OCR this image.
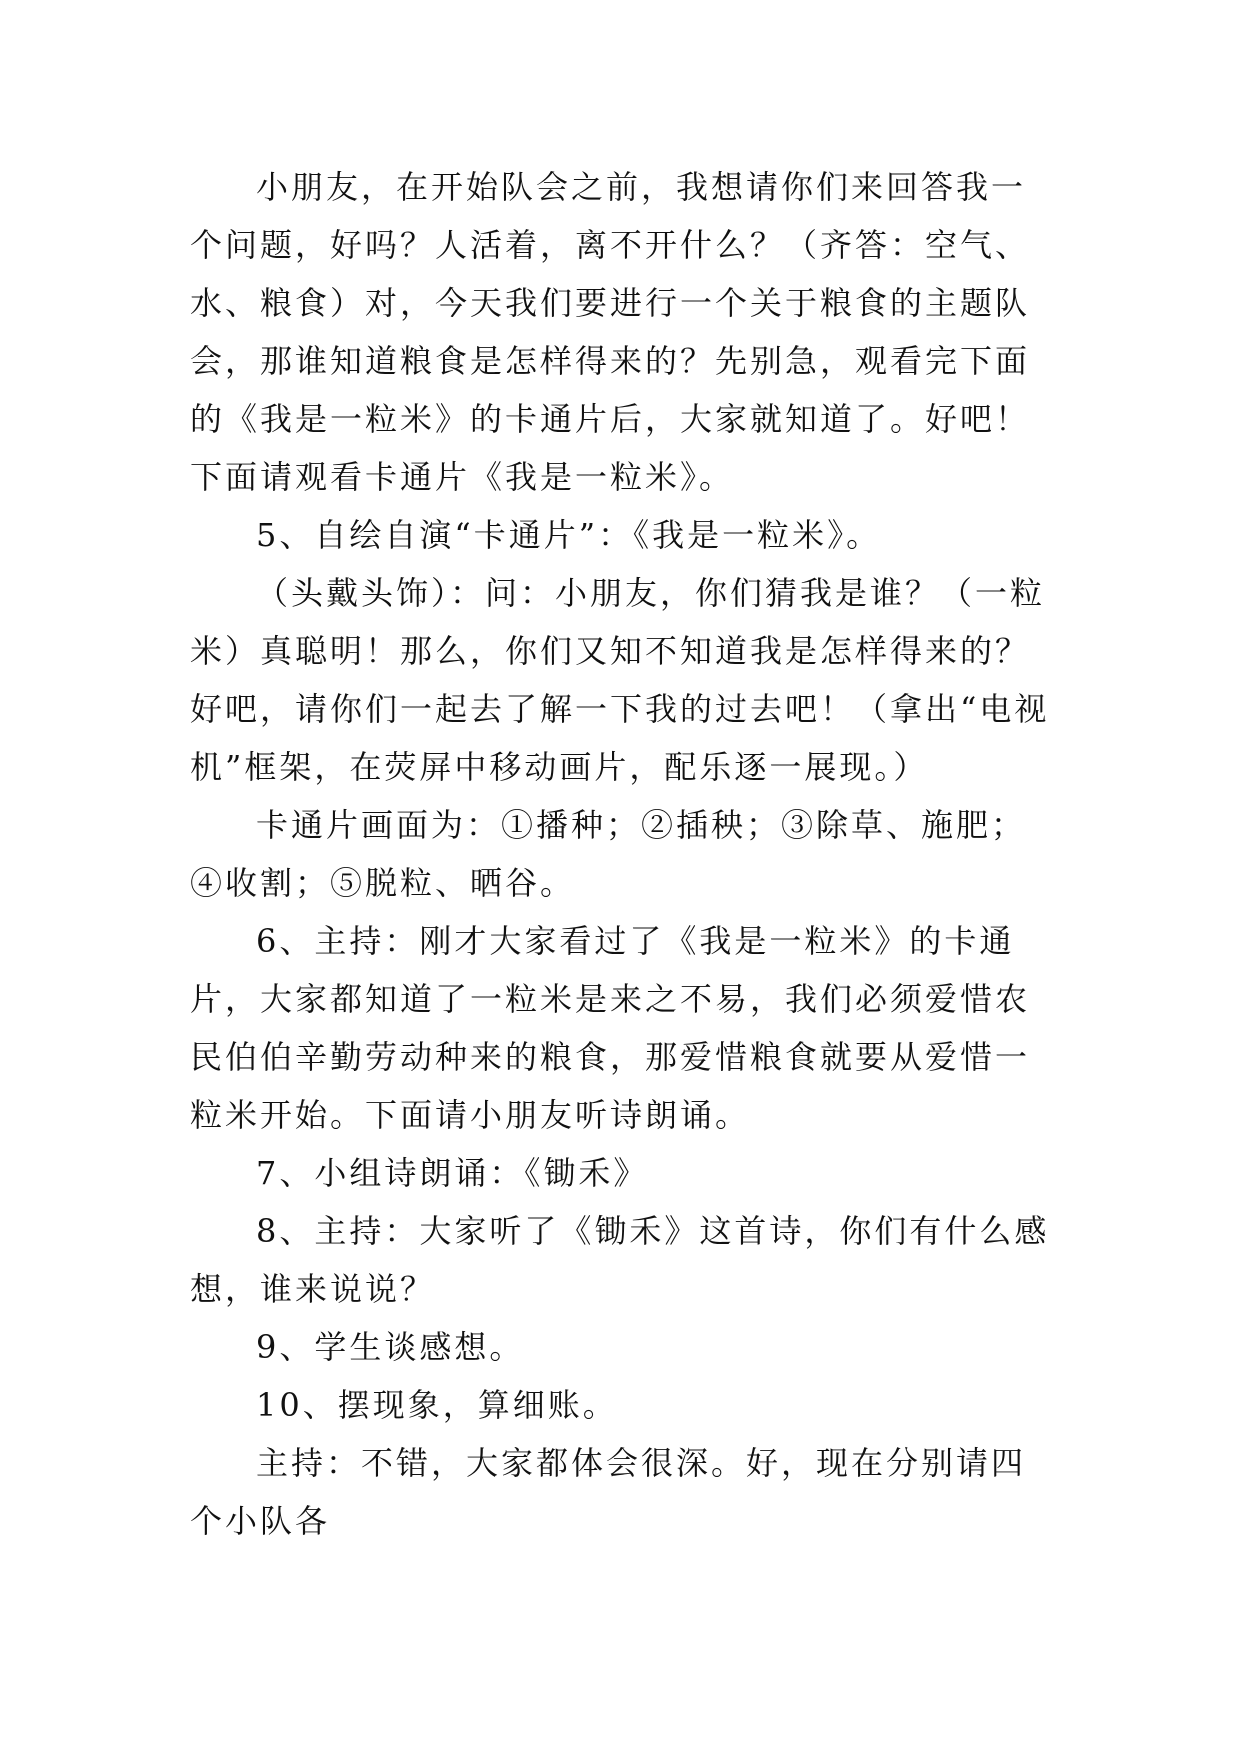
小朋友，在开始队会之前，我想请你们来回答我一个问题，好吗？人活着，离不开什么？（齐答：空气、水、粮食）对，今天我们要进行一个关于粮食的主题队会，那谁知道粮食是怎样得来的？先别急，观看完下面的《我是一粒米》的卡通片后，大家就知道了。好吧！下面请观看卡通片《我是一粒米》。

5、自绘自演“卡通片”：《我是一粒米》。

（头戴头饰）：问：小朋友，你们猜我是谁？（一粒米）真聪明！那么，你们又知不知道我是怎样得来的？好吧，请你们一起去了解一下我的过去吧！（拿出“电视机”框架，在荧屏中移动画片，配乐逐一展现。）

卡通片画面为：①播种；②插秧；③除草、施肥；④收割；⑤脱粒、晒谷。

6、主持：刚才大家看过了《我是一粒米》的卡通片，大家都知道了一粒米是来之不易，我们必须爱惜农民伯伯辛勤劳动种来的粮食，那爱惜粮食就要从爱惜一粒米开始。下面请小朋友听诗朗诵。

7、小组诗朗诵：《锄禾》

8、主持：大家听了《锄禾》这首诗，你们有什么感想，谁来说说？

9、学生谈感想。

10、摆现象，算细账。

主持：不错，大家都体会很深。好，现在分别请四个小队各
